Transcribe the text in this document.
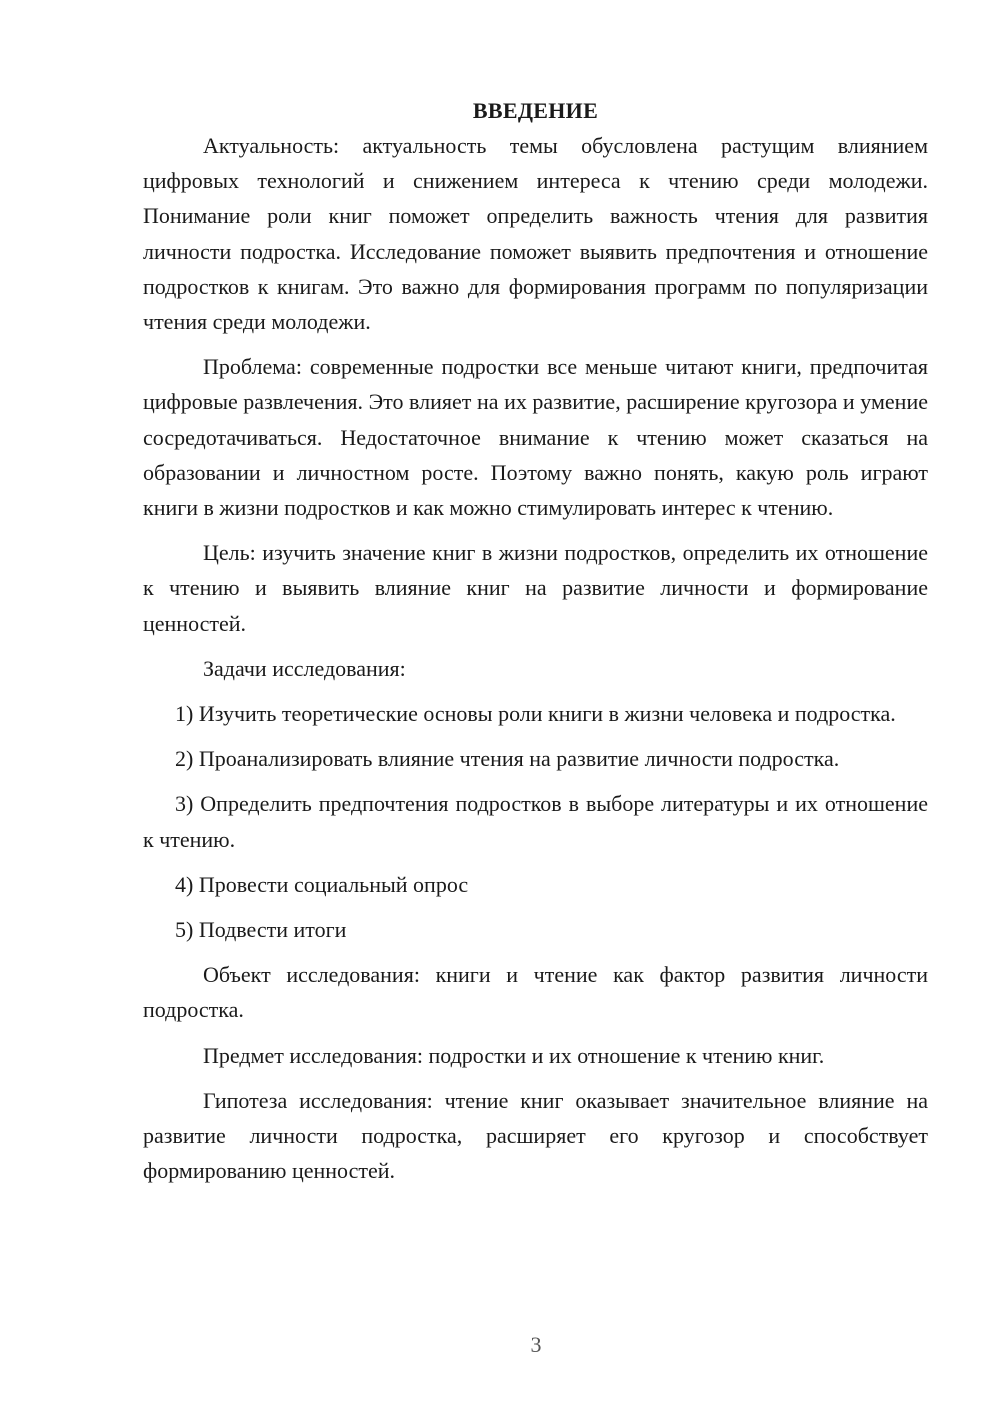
ВВЕДЕНИЕ

Актуальность: актуальность темы обусловлена растущим влиянием цифровых технологий и снижением интереса к чтению среди молодежи. Понимание роли книг поможет определить важность чтения для развития личности подростка. Исследование поможет выявить предпочтения и отношение подростков к книгам. Это важно для формирования программ по популяризации чтения среди молодежи.

Проблема: современные подростки все меньше читают книги, предпочитая цифровые развлечения. Это влияет на их развитие, расширение кругозора и умение сосредотачиваться. Недостаточное внимание к чтению может сказаться на образовании и личностном росте. Поэтому важно понять, какую роль играют книги в жизни подростков и как можно стимулировать интерес к чтению.

Цель: изучить значение книг в жизни подростков, определить их отношение к чтению и выявить влияние книг на развитие личности и формирование ценностей.

Задачи исследования:

1) Изучить теоретические основы роли книги в жизни человека и подростка.

2) Проанализировать влияние чтения на развитие личности подростка.

3) Определить предпочтения подростков в выборе литературы и их отношение к чтению.

4) Провести социальный опрос

5) Подвести итоги

Объект исследования: книги и чтение как фактор развития личности подростка.

Предмет исследования: подростки и их отношение к чтению книг.

Гипотеза исследования: чтение книг оказывает значительное влияние на развитие личности подростка, расширяет его кругозор и способствует формированию ценностей.

3
